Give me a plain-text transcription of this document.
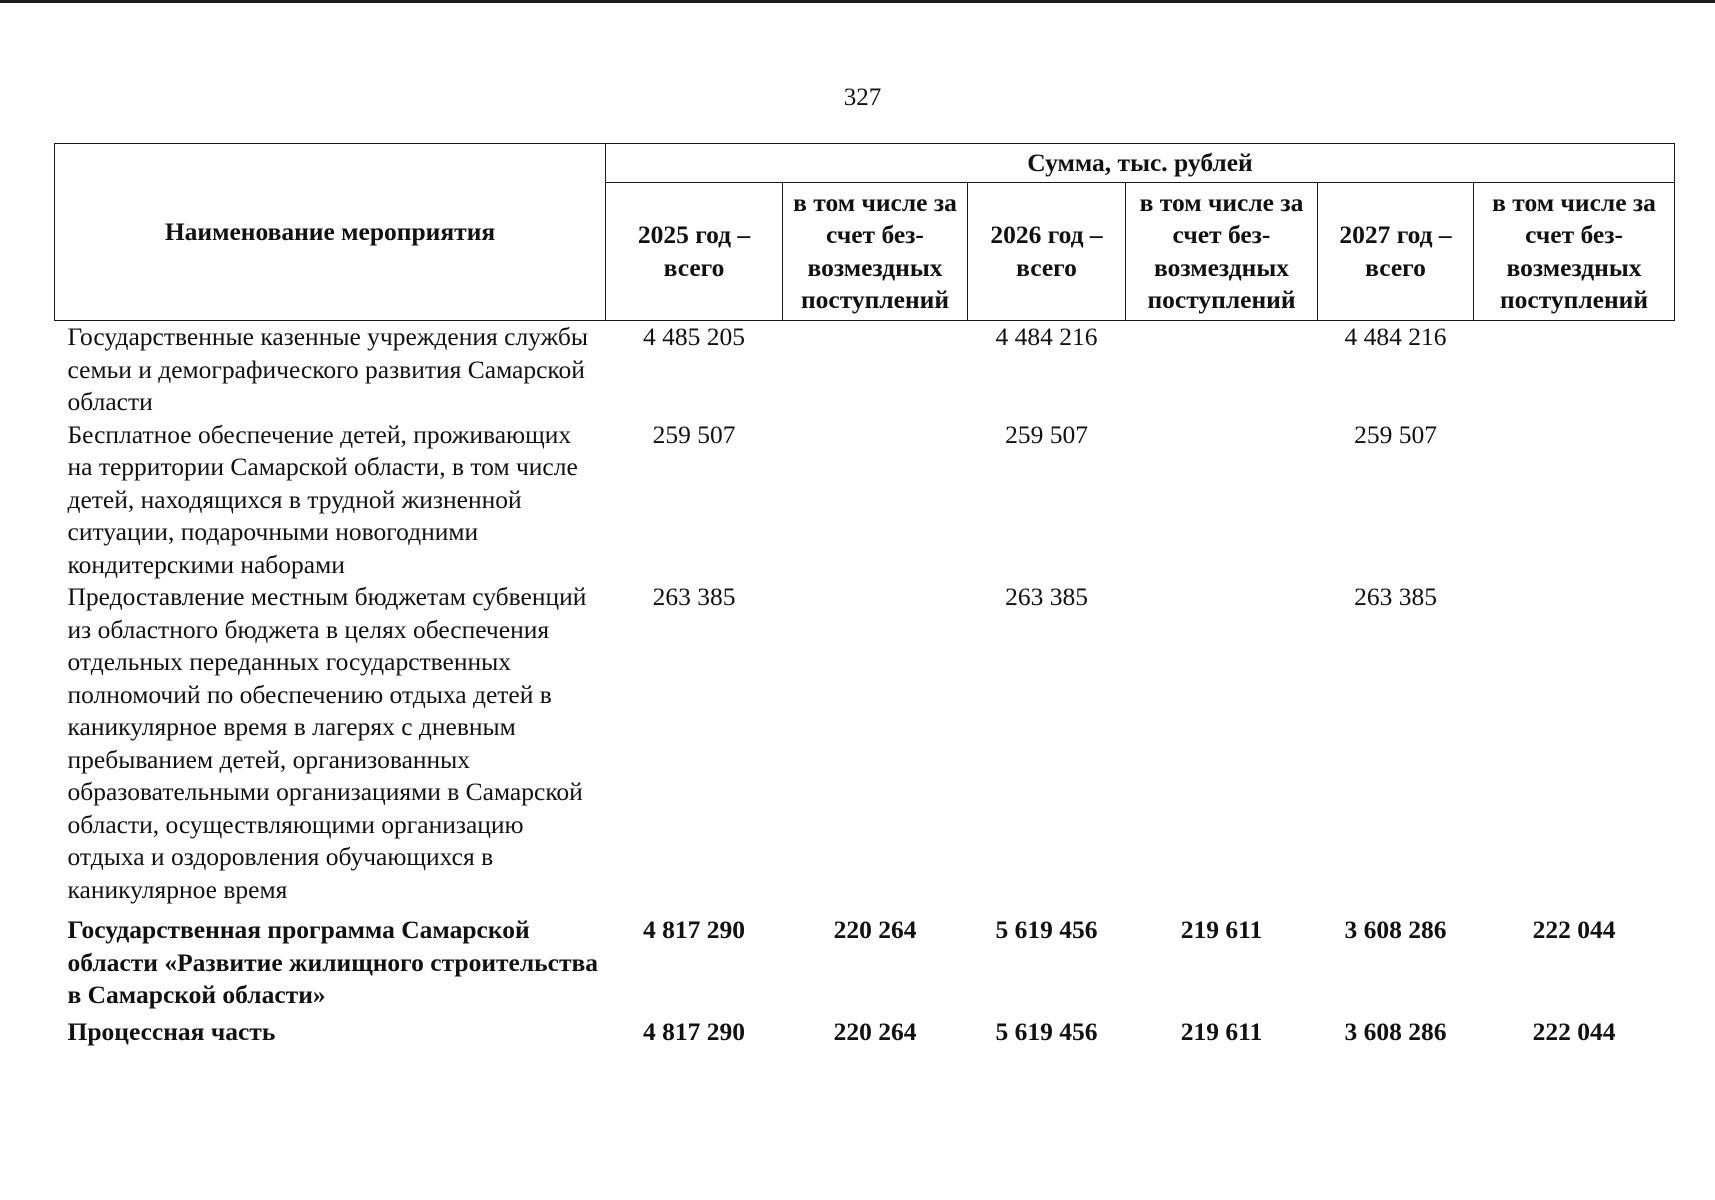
327
Наименование мероприятия	Сумма, тыс. рублей					
	2025 год – всего	в том числе за счет без-возмездных поступлений	2026 год – всего	в том числе за счет без-возмездных поступлений	2027 год – всего	в том числе за счет без-возмездных поступлений
Государственные казенные учреждения службы семьи и демографического развития Самарской области	4 485 205		4 484 216		4 484 216	
Бесплатное обеспечение детей, проживающих на территории Самарской области, в том числе детей, находящихся в трудной жизненной ситуации, подарочными новогодними кондитерскими наборами	259 507		259 507		259 507	
Предоставление местным бюджетам субвенций из областного бюджета в целях обеспечения отдельных переданных государственных полномочий по обеспечению отдыха детей в каникулярное время в лагерях с дневным пребыванием детей, организованных образовательными организациями в Самарской области, осуществляющими организацию отдыха и оздоровления обучающихся в каникулярное время	263 385		263 385		263 385	
Государственная программа Самарской области «Развитие жилищного строительства в Самарской области»	4 817 290	220 264	5 619 456	219 611	3 608 286	222 044
Процессная часть	4 817 290	220 264	5 619 456	219 611	3 608 286	222 044
